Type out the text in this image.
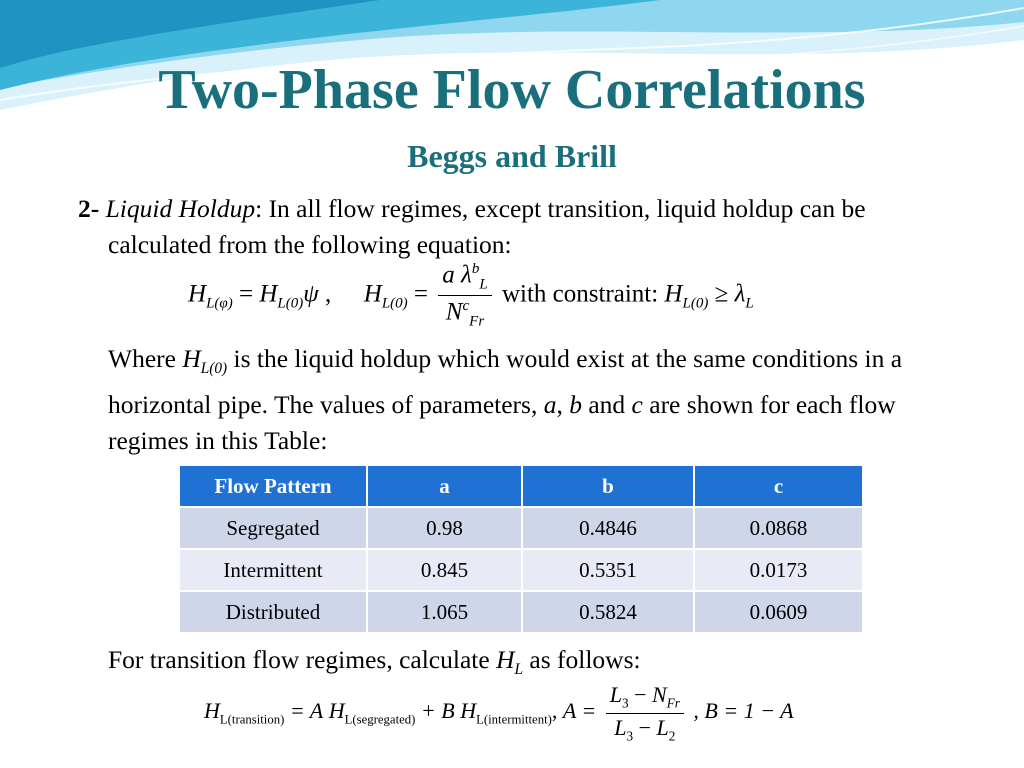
Two-Phase Flow Correlations
Beggs and Brill
2- Liquid Holdup: In all flow regimes, except transition, liquid holdup can be calculated from the following equation:
$H_{L(\varphi)} = H_{L(0)}\psi$ , $H_{L(0)} = \frac{a \lambda^b_L}{N^c_{Fr}}$ with constraint: $H_{L(0)} \ge \lambda_L$
Where $H_{L(0)}$ is the liquid holdup which would exist at the same conditions in a horizontal pipe. The values of parameters, a, b and c are shown for each flow regimes in this Table:
Flow Pattern	a	b	c
Segregated	0.98	0.4846	0.0868
Intermittent	0.845	0.5351	0.0173
Distributed	1.065	0.5824	0.0609
For transition flow regimes, calculate $H_L$ as follows:
$H_{L(transition)} = A$ $H_{L(segregated)} + B$ $H_{L(intermittent)}$, $A = \frac{L_3 - N_{Fr}}{L_3 - L_2}$ , B = 1 − A
